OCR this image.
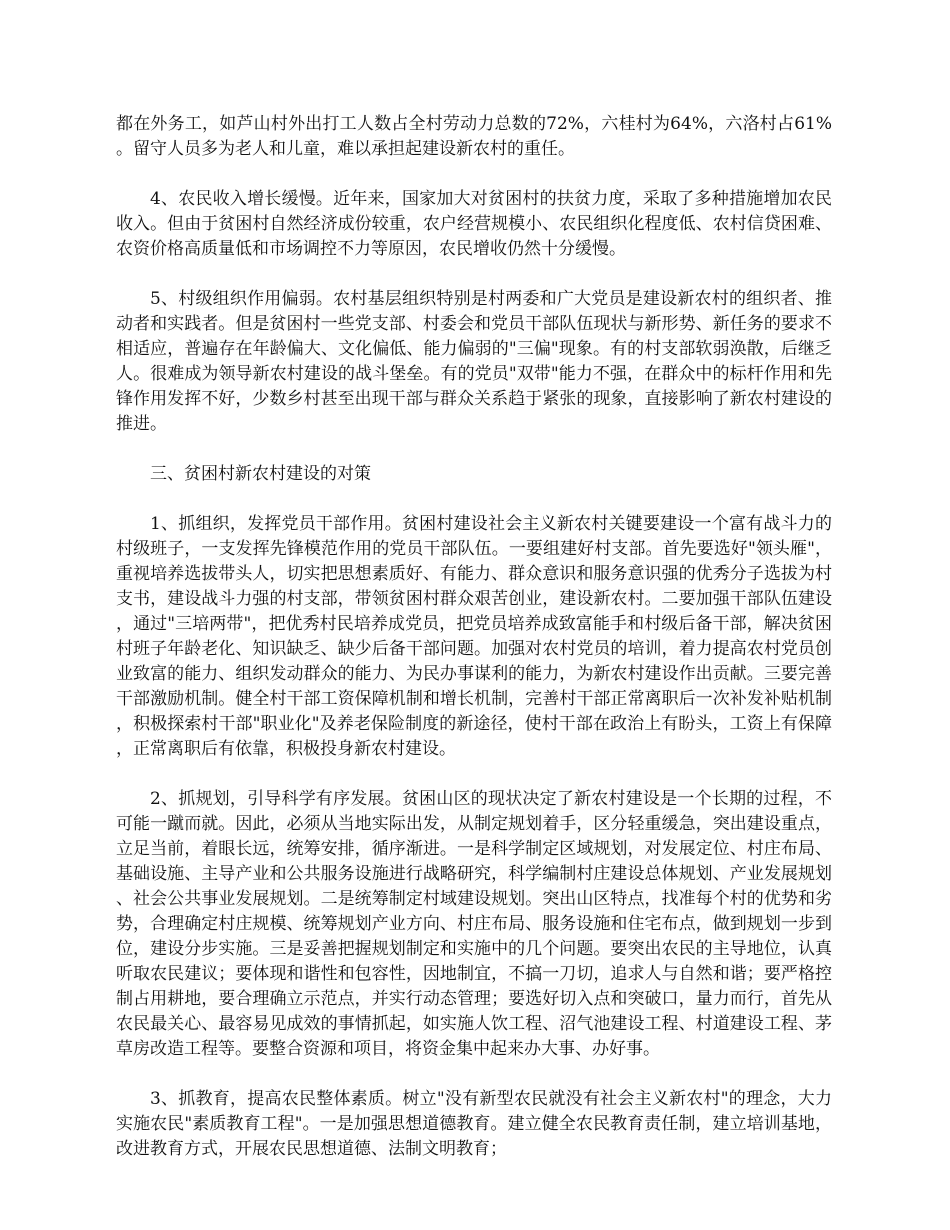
都在外务工，如芦山村外出打工人数占全村劳动力总数的72%，六桂村为64%，六洛村占61%。留守人员多为老人和儿童，难以承担起建设新农村的重任。

4、农民收入增长缓慢。近年来，国家加大对贫困村的扶贫力度，采取了多种措施增加农民收入。但由于贫困村自然经济成份较重，农户经营规模小、农民组织化程度低、农村信贷困难、农资价格高质量低和市场调控不力等原因，农民增收仍然十分缓慢。

5、村级组织作用偏弱。农村基层组织特别是村两委和广大党员是建设新农村的组织者、推动者和实践者。但是贫困村一些党支部、村委会和党员干部队伍现状与新形势、新任务的要求不相适应，普遍存在年龄偏大、文化偏低、能力偏弱的"三偏"现象。有的村支部软弱涣散，后继乏人。很难成为领导新农村建设的战斗堡垒。有的党员"双带"能力不强，在群众中的标杆作用和先锋作用发挥不好，少数乡村甚至出现干部与群众关系趋于紧张的现象，直接影响了新农村建设的推进。

三、贫困村新农村建设的对策

1、抓组织，发挥党员干部作用。贫困村建设社会主义新农村关键要建设一个富有战斗力的村级班子，一支发挥先锋模范作用的党员干部队伍。一要组建好村支部。首先要选好"领头雁"，重视培养选拔带头人，切实把思想素质好、有能力、群众意识和服务意识强的优秀分子选拔为村支书，建设战斗力强的村支部，带领贫困村群众艰苦创业，建设新农村。二要加强干部队伍建设，通过"三培两带"，把优秀村民培养成党员，把党员培养成致富能手和村级后备干部，解决贫困村班子年龄老化、知识缺乏、缺少后备干部问题。加强对农村党员的培训，着力提高农村党员创业致富的能力、组织发动群众的能力、为民办事谋利的能力，为新农村建设作出贡献。三要完善干部激励机制。健全村干部工资保障机制和增长机制，完善村干部正常离职后一次补发补贴机制，积极探索村干部"职业化"及养老保险制度的新途径，使村干部在政治上有盼头，工资上有保障，正常离职后有依靠，积极投身新农村建设。

2、抓规划，引导科学有序发展。贫困山区的现状决定了新农村建设是一个长期的过程，不可能一蹴而就。因此，必须从当地实际出发，从制定规划着手，区分轻重缓急，突出建设重点，立足当前，着眼长远，统筹安排，循序渐进。一是科学制定区域规划，对发展定位、村庄布局、基础设施、主导产业和公共服务设施进行战略研究，科学编制村庄建设总体规划、产业发展规划、社会公共事业发展规划。二是统筹制定村域建设规划。突出山区特点，找准每个村的优势和劣势，合理确定村庄规模、统筹规划产业方向、村庄布局、服务设施和住宅布点，做到规划一步到位，建设分步实施。三是妥善把握规划制定和实施中的几个问题。要突出农民的主导地位，认真听取农民建议；要体现和谐性和包容性，因地制宜，不搞一刀切，追求人与自然和谐；要严格控制占用耕地，要合理确立示范点，并实行动态管理；要选好切入点和突破口，量力而行，首先从农民最关心、最容易见成效的事情抓起，如实施人饮工程、沼气池建设工程、村道建设工程、茅草房改造工程等。要整合资源和项目，将资金集中起来办大事、办好事。

3、抓教育，提高农民整体素质。树立"没有新型农民就没有社会主义新农村"的理念，大力实施农民"素质教育工程"。一是加强思想道德教育。建立健全农民教育责任制，建立培训基地，改进教育方式，开展农民思想道德、法制文明教育；
